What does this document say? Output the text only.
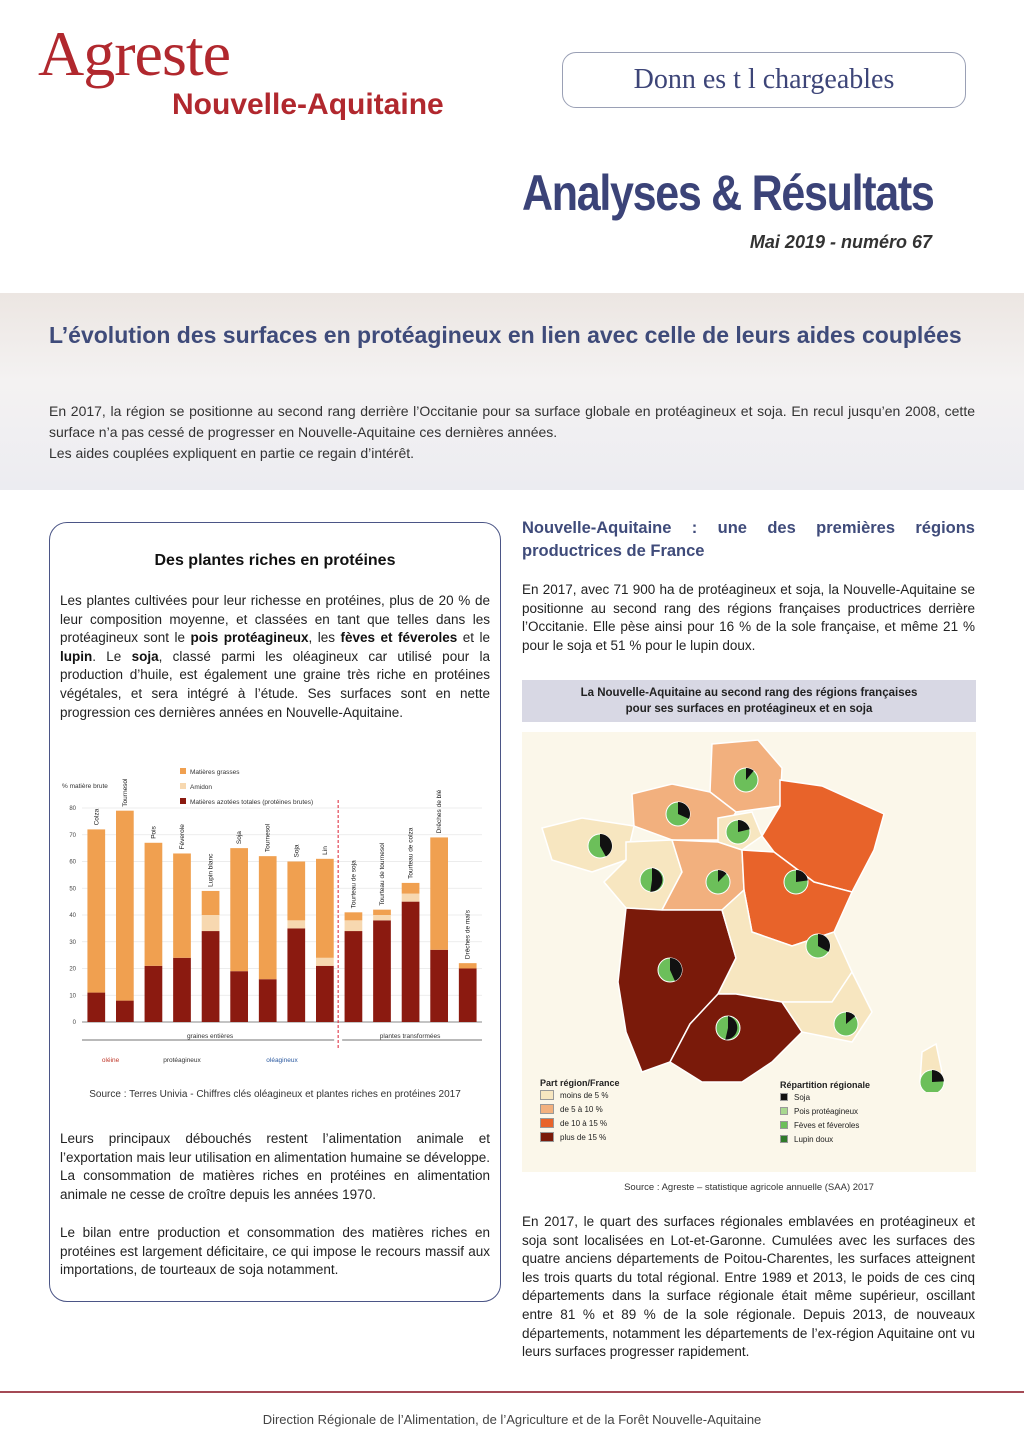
Agreste
Nouvelle-Aquitaine
Donn es t l chargeables
Analyses & Résultats
Mai 2019 - numéro 67
L’évolution des surfaces en protéagineux en lien avec celle de leurs aides couplées
En 2017, la région se positionne au second rang derrière l’Occitanie pour sa surface globale en protéagineux et soja. En recul jusqu’en 2008, cette surface n’a pas cessé de progresser en Nouvelle-Aquitaine ces dernières années.
Les aides couplées expliquent en partie ce regain d’intérêt.
Des plantes riches en protéines
Les plantes cultivées pour leur richesse en protéines, plus de 20 % de leur composition moyenne, et classées en tant que telles dans les protéagineux sont le pois protéagineux, les fèves et féveroles et le lupin. Le soja, classé parmi les oléagineux car utilisé pour la production d’huile, est également une graine très riche en protéines végétales, et sera intégré à l’étude. Ses surfaces sont en nette progression ces dernières années en Nouvelle-Aquitaine.
Matières grasses
Amidon
Matières azotées totales (protéines brutes)
% matière brute
0
10
20
30
40
50
60
70
80	Colza
Tournesol
Pois	Féverole
Lupin blanc
Soja	Tournesol	Soja	Lin
Tourteau de soja	Tourteau de tournesol	Tourteau de colza
Drêches de blé
Drêches de maïs
graines entières	plantes transformées
oléine	protéagineux	oléagineux
Source : Terres Univia - Chiffres clés oléagineux et plantes riches en protéines 2017
Leurs principaux débouchés restent l’alimentation animale et l’exportation mais leur utilisation en alimentation humaine se développe. La consommation de matières riches en protéines en alimentation animale ne cesse de croître depuis les années 1970.
Le bilan entre production et consommation des matières riches en protéines est largement déficitaire, ce qui impose le recours massif aux importations, de tourteaux de soja notamment.
Nouvelle-Aquitaine : une des premières régions productrices de France
En 2017, avec 71 900 ha de protéagineux et soja, la Nouvelle-Aquitaine se positionne au second rang des régions françaises productrices derrière l’Occitanie. Elle pèse ainsi pour 16 % de la sole française, et même 21 % pour le soja et 51 % pour le lupin doux.
La Nouvelle-Aquitaine au second rang des régions françaises
pour ses surfaces en protéagineux et en soja
Part région/France
moins de 5 %
de 5 à 10 %
de 10 à 15 %
plus de 15 %
Répartition régionale
Soja
Pois protéagineux
Fèves et féveroles
Lupin doux
Source : Agreste – statistique agricole annuelle (SAA) 2017
En 2017, le quart des surfaces régionales emblavées en protéagineux et soja sont localisées en Lot-et-Garonne. Cumulées avec les surfaces des quatre anciens départements de Poitou-Charentes, les surfaces atteignent les trois quarts du total régional. Entre 1989 et 2013, le poids de ces cinq départements dans la surface régionale était même supérieur, oscillant entre 81 % et 89 % de la sole régionale. Depuis 2013, de nouveaux départements, notamment les départements de l’ex-région Aquitaine ont vu leurs surfaces progresser rapidement.
Direction Régionale de l’Alimentation, de l’Agriculture et de la Forêt Nouvelle-Aquitaine
